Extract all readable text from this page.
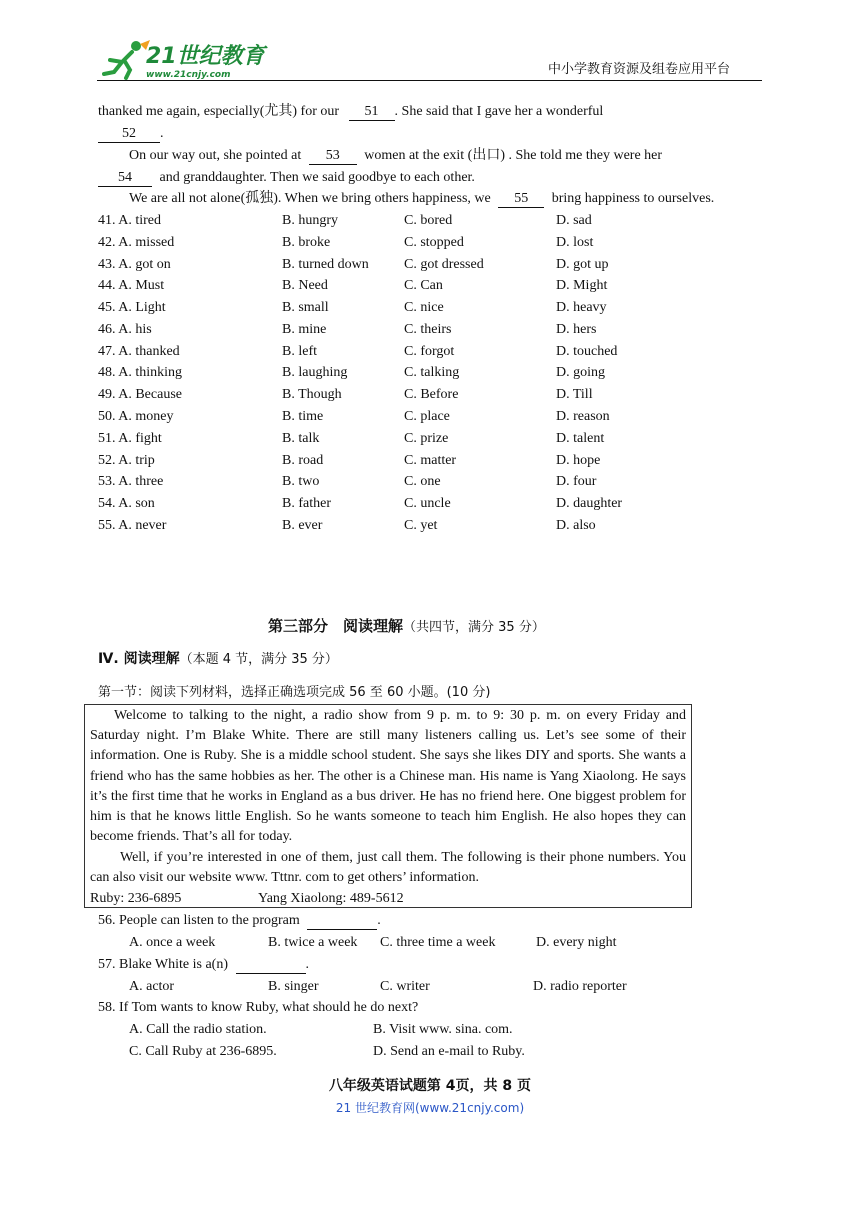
21世纪教育
www.21cnjy.com	中小学教育资源及组卷应用平台
thanked me again, especially(尤其) for our 51 . She said that I gave her a wonderful
52 .
On our way out, she pointed at 53 women at the exit (出口) . She told me they were her
54 and granddaughter. Then we said goodbye to each other.
We are all not alone(孤独). When we bring others happiness, we 55 bring happiness to ourselves.
41. A. tired	B. hungry	C. bored	D. sad
42. A. missed	B. broke	C. stopped	D. lost
43. A. got on	B. turned down	C. got dressed	D. got up
44. A. Must	B. Need	C. Can	D. Might
45. A. Light	B. small	C. nice	D. heavy
46. A. his	B. mine	C. theirs	D. hers
47. A. thanked	B. left	C. forgot	D. touched
48. A. thinking	B. laughing	C. talking	D. going
49. A. Because	B. Though	C. Before	D. Till
50. A. money	B. time	C. place	D. reason
51. A. fight	B. talk	C. prize	D. talent
52. A. trip	B. road	C. matter	D. hope
53. A. three	B. two	C. one	D. four
54. A. son	B. father	C. uncle	D. daughter
55. A. never	B. ever	C. yet	D. also
第三部分　阅读理解（共四节，满分 35 分）
Ⅳ. 阅读理解（本题 4 节，满分 35 分）
第一节：阅读下列材料，选择正确选项完成 56 至 60 小题。(10 分)
Welcome to talking to the night, a radio show from 9 p. m. to 9: 30 p. m. on every Friday and Saturday night. I’m Blake White. There are still many listeners calling us. Let’s see some of their information. One is Ruby. She is a middle school student. She says she likes DIY and sports. She wants a friend who has the same hobbies as her. The other is a Chinese man. His name is Yang Xiaolong. He says it’s the first time that he works in England as a bus driver. He has no friend here. One biggest problem for him is that he knows little English. So he wants someone to teach him English. He also hopes they can become friends. That’s all for today.
Well, if you’re interested in one of them, just call them. The following is their phone numbers. You can also visit our website www. Tttnr. com to get others’ information.
Ruby: 236-6895	Yang Xiaolong: 489-5612
56. People can listen to the program	.
A. once a week	B. twice a week C. three time a week	D. every night
57. Blake White is a(n)	.
A. actor	B. singer	C. writer	D. radio reporter
58. If Tom wants to know Ruby, what should he do next?
A. Call the radio station.	B. Visit www. sina. com.
C. Call Ruby at 236-6895.	D. Send an e-mail to Ruby.
八年级英语试题第 4页，共 8 页
21 世纪教育网(www.21cnjy.com)
